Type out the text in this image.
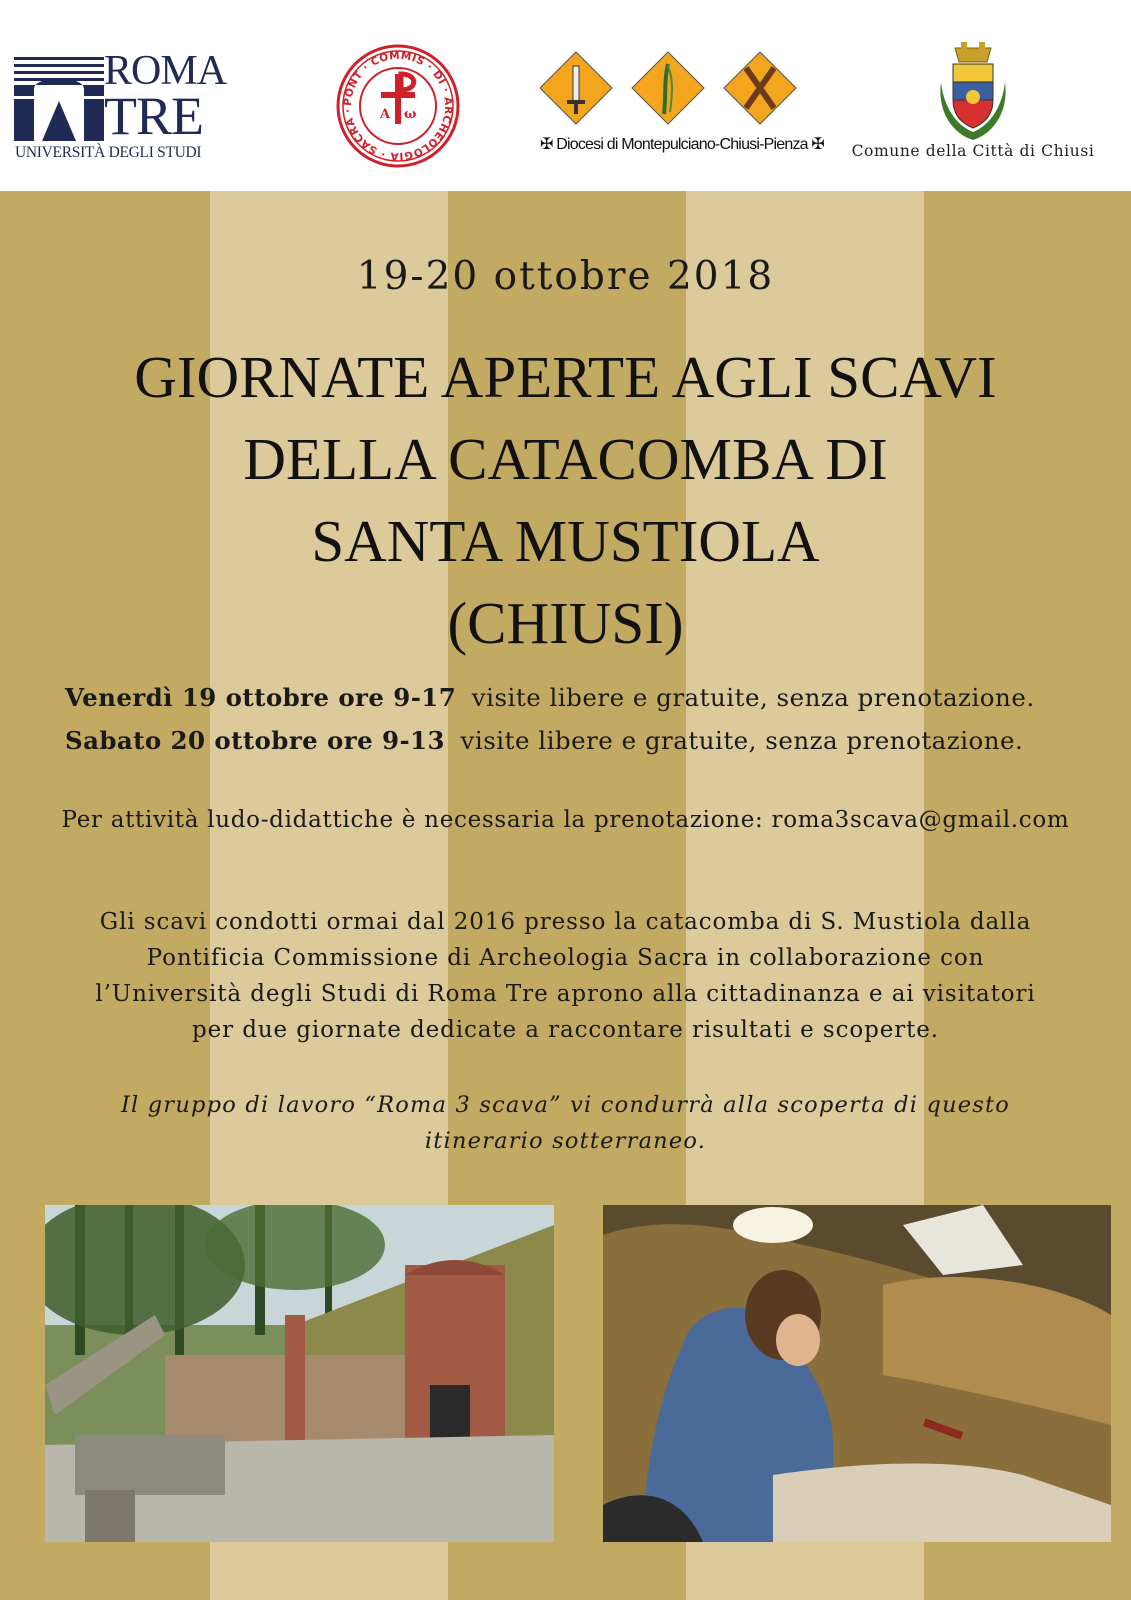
ROMA
TRE
UNIVERSITÀ DEGLI STUDI
PONT · COMMIS · DI · ARCHEOLOGIA · SACRA ·	A ω
✠ Diocesi di Montepulciano-Chiusi-Pienza ✠	Comune della Città di Chiusi
19-20 ottobre 2018
GIORNATE APERTE AGLI SCAVI
DELLA CATACOMBA DI
SANTA MUSTIOLA
(CHIUSI)
Venerdì 19 ottobre ore 9-17 visite libere e gratuite, senza prenotazione.
Sabato 20 ottobre ore 9-13 visite libere e gratuite, senza prenotazione.
Per attività ludo-didattiche è necessaria la prenotazione: roma3scava@gmail.com
Gli scavi condotti ormai dal 2016 presso la catacomba di S. Mustiola dalla
Pontificia Commissione di Archeologia Sacra in collaborazione con
l’Università degli Studi di Roma Tre aprono alla cittadinanza e ai visitatori
per due giornate dedicate a raccontare risultati e scoperte.
Il gruppo di lavoro “Roma 3 scava” vi condurrà alla scoperta di questo
itinerario sotterraneo.
